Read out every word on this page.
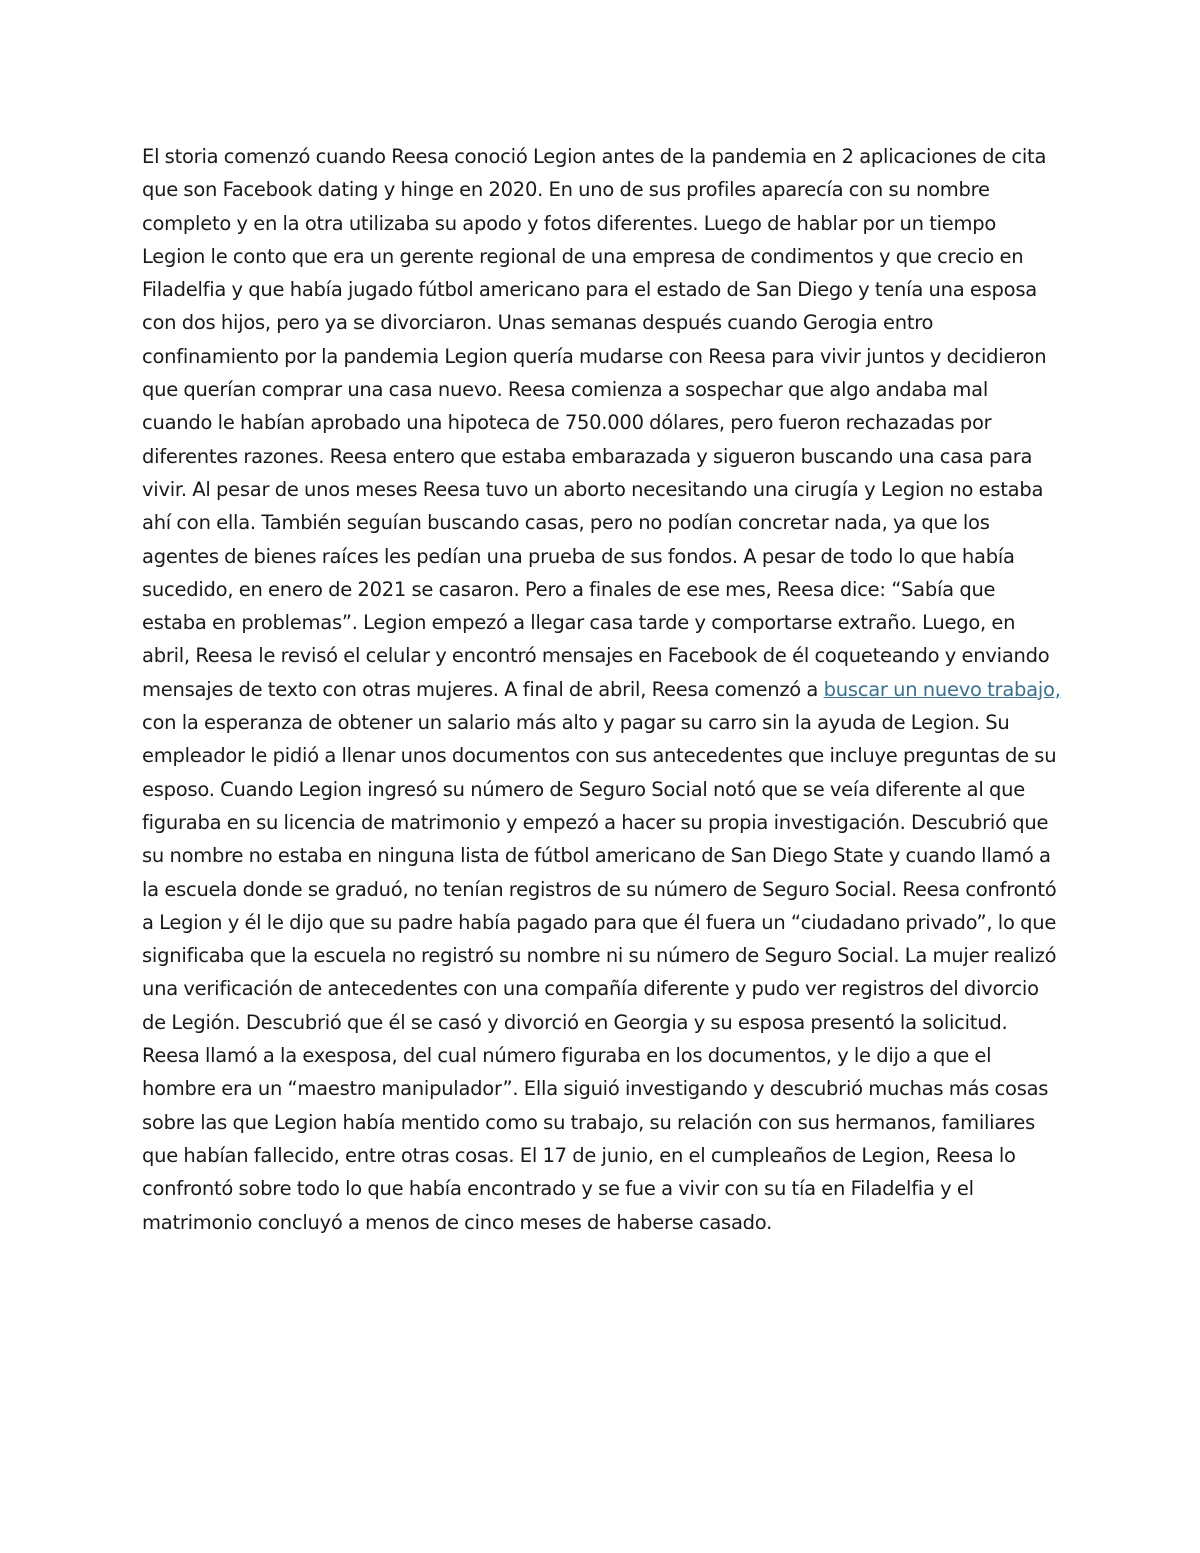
El storia comenzó cuando Reesa conoció Legion antes de la pandemia en 2 aplicaciones de cita que son Facebook dating y hinge en 2020. En uno de sus profiles aparecía con su nombre completo y en la otra utilizaba su apodo y fotos diferentes. Luego de hablar por un tiempo Legion le conto que era un gerente regional de una empresa de condimentos y que crecio en Filadelfia y que había jugado fútbol americano para el estado de San Diego y tenía una esposa con dos hijos, pero ya se divorciaron. Unas semanas después cuando Gerogia entro confinamiento por la pandemia Legion quería mudarse con Reesa para vivir juntos y decidieron que querían comprar una casa nuevo. Reesa comienza a sospechar que algo andaba mal cuando le habían aprobado una hipoteca de 750.000 dólares, pero fueron rechazadas por diferentes razones. Reesa entero que estaba embarazada y sigueron buscando una casa para vivir. Al pesar de unos meses Reesa tuvo un aborto necesitando una cirugía y Legion no estaba ahí con ella. También seguían buscando casas, pero no podían concretar nada, ya que los agentes de bienes raíces les pedían una prueba de sus fondos. A pesar de todo lo que había sucedido, en enero de 2021 se casaron. Pero a finales de ese mes, Reesa dice: “Sabía que estaba en problemas”. Legion empezó a llegar casa tarde y comportarse extraño. Luego, en abril, Reesa le revisó el celular y encontró mensajes en Facebook de él coqueteando y enviando mensajes de texto con otras mujeres. A final de abril, Reesa comenzó a buscar un nuevo trabajo, con la esperanza de obtener un salario más alto y pagar su carro sin la ayuda de Legion. Su empleador le pidió a llenar unos documentos con sus antecedentes que incluye preguntas de su esposo. Cuando Legion ingresó su número de Seguro Social notó que se veía diferente al que figuraba en su licencia de matrimonio y empezó a hacer su propia investigación. Descubrió que su nombre no estaba en ninguna lista de fútbol americano de San Diego State y cuando llamó a la escuela donde se graduó, no tenían registros de su número de Seguro Social. Reesa confrontó a Legion y él le dijo que su padre había pagado para que él fuera un “ciudadano privado”, lo que significaba que la escuela no registró su nombre ni su número de Seguro Social. La mujer realizó una verificación de antecedentes con una compañía diferente y pudo ver registros del divorcio de Legión. Descubrió que él se casó y divorció en Georgia y su esposa presentó la solicitud. Reesa llamó a la exesposa, del cual número figuraba en los documentos, y le dijo a que el hombre era un “maestro manipulador”. Ella siguió investigando y descubrió muchas más cosas sobre las que Legion había mentido como su trabajo, su relación con sus hermanos, familiares que habían fallecido, entre otras cosas. El 17 de junio, en el cumpleaños de Legion, Reesa lo confrontó sobre todo lo que había encontrado y se fue a vivir con su tía en Filadelfia y el matrimonio concluyó a menos de cinco meses de haberse casado.
